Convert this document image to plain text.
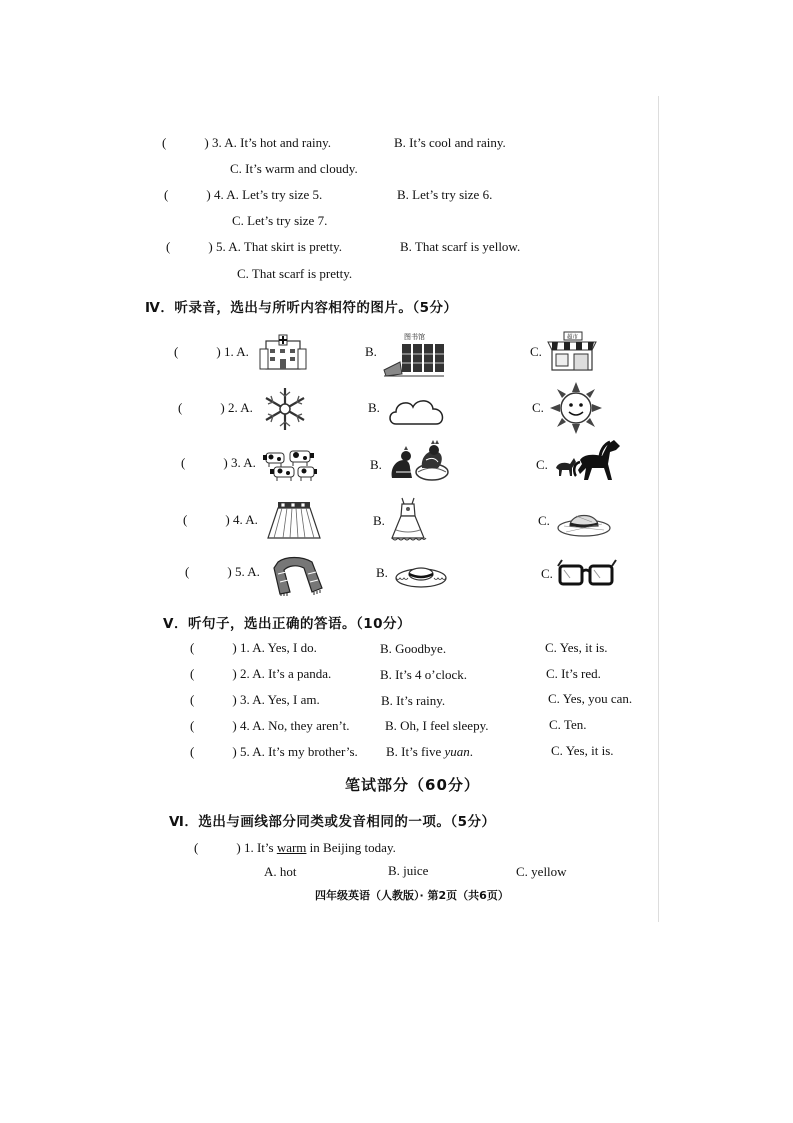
(	) 3. A. It’s hot and rainy.	B. It’s cool and rainy.
C. It’s warm and cloudy.
(	) 4. A. Let’s try size 5.	B. Let’s try size 6.
C. Let’s try size 7.
(	) 5. A. That skirt is pretty.	B. That scarf is yellow.
C. That scarf is pretty.
Ⅳ．听录音，选出与所听内容相符的图片。（5分）
(	) 1. A.	B.
图书馆
C.
超市
(	) 2. A.	B.	C.
(	) 3. A.	B.	C.
(	) 4. A.	B.	C.
(	) 5. A.	B.	C.
Ⅴ．听句子，选出正确的答语。（10分）
(	) 1. A. Yes, I do.	B. Goodbye.	C. Yes, it is.
(	) 2. A. It’s a panda.	B. It’s 4 o’clock.	C. It’s red.
(	) 3. A. Yes, I am.	B. It’s rainy.	C. Yes, you can.
(	) 4. A. No, they aren’t.	B. Oh, I feel sleepy.	C. Ten.
(	) 5. A. It’s my brother’s. B. It’s five yuan.	C. Yes, it is.
笔试部分（60分）
Ⅵ．选出与画线部分同类或发音相同的一项。（5分）
(	) 1. It’s warm in Beijing today.
A. hot	B. juice	C. yellow
四年级英语（人教版）· 第2页（共6页）
